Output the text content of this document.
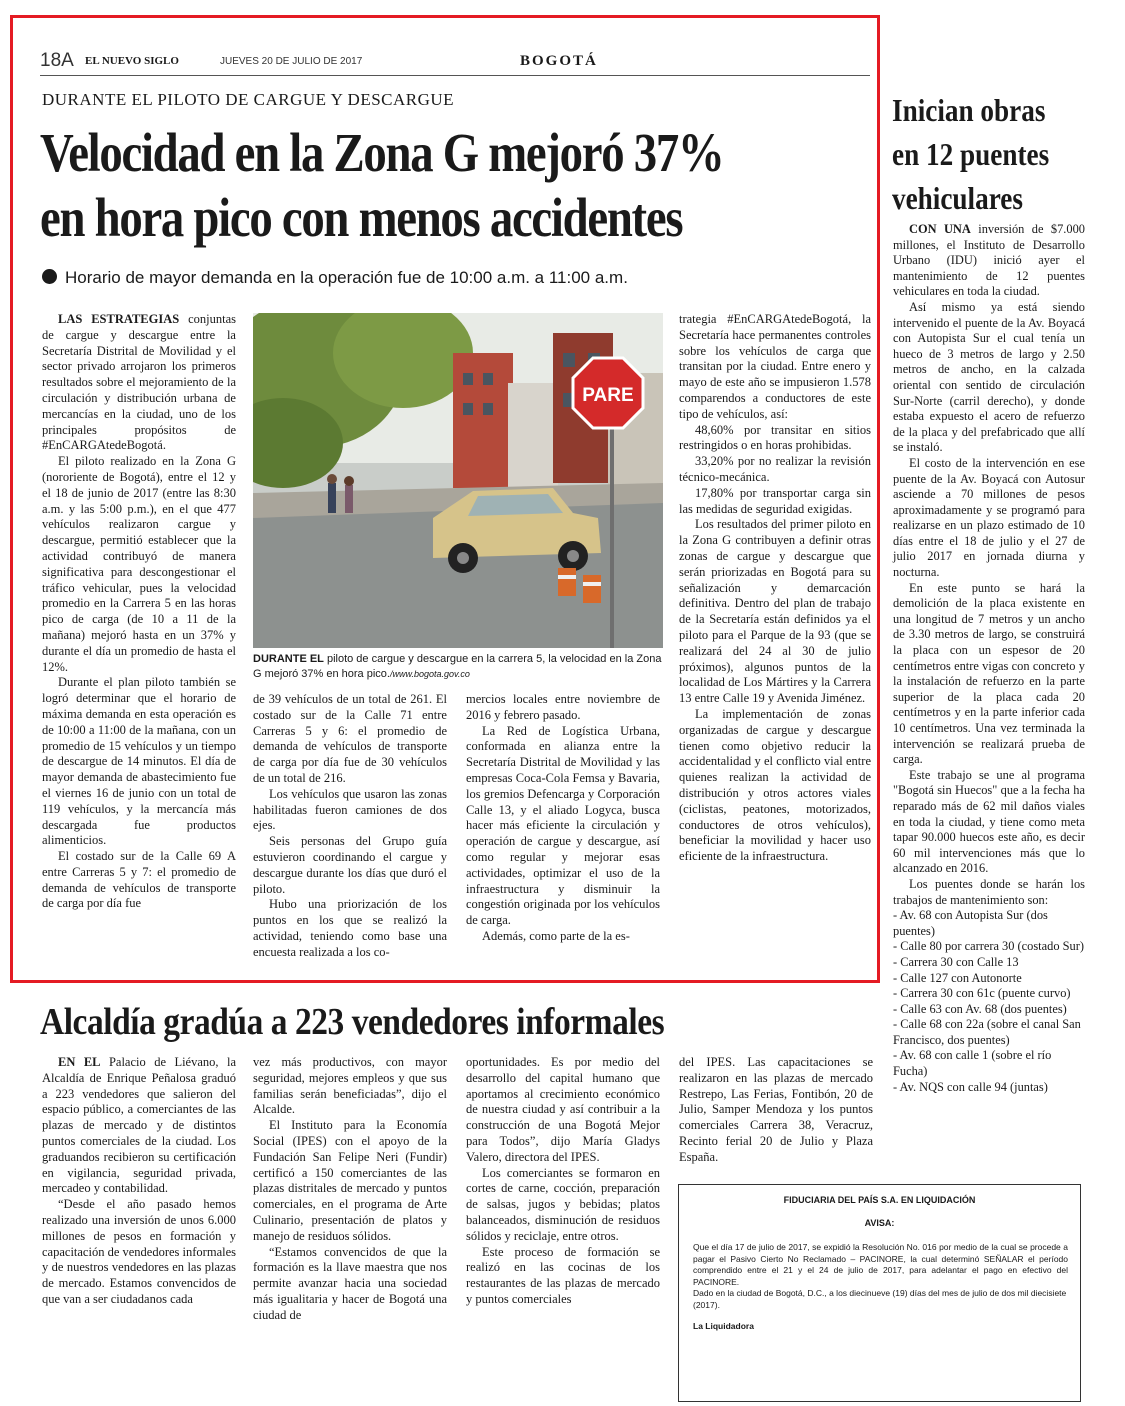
18A EL NUEVO SIGLO	JUEVES 20 DE JULIO DE 2017	BOGOTÁ
DURANTE EL PILOTO DE CARGUE Y DESCARGUE
Velocidad en la Zona G mejoró 37%
en hora pico con menos accidentes
Horario de mayor demanda en la operación fue de 10:00 a.m. a 11:00 a.m.

LAS ESTRATEGIAS conjuntas de cargue y descargue entre la Secretaría Distrital de Movilidad y el sector privado arrojaron los primeros resultados sobre el mejoramiento de la circulación y distribución urbana de mercancías en la ciudad, uno de los principales propósitos de #EnCARGAtedeBogotá.

El piloto realizado en la Zona G (nororiente de Bogotá), entre el 12 y el 18 de junio de 2017 (entre las 8:30 a.m. y las 5:00 p.m.), en el que 477 vehículos realizaron cargue y descargue, permitió establecer que la actividad contribuyó de manera significativa para descongestionar el tráfico vehicular, pues la velocidad promedio en la Carrera 5 en las horas pico de carga (de 10 a 11 de la mañana) mejoró hasta en un 37% y durante el día un promedio de hasta el 12%.

Durante el plan piloto también se logró determinar que el horario de máxima demanda en esta operación es de 10:00 a 11:00 de la mañana, con un promedio de 15 vehículos y un tiempo de descargue de 14 minutos. El día de mayor demanda de abastecimiento fue el viernes 16 de junio con un total de 119 vehículos, y la mercancía más descargada fue productos alimenticios.

El costado sur de la Calle 69 A entre Carreras 5 y 7: el promedio de demanda de vehículos de transporte de carga por día fue

PARE
DURANTE EL piloto de cargue y descargue en la carrera 5, la velocidad en la Zona G mejoró 37% en hora pico./www.bogota.gov.co

de 39 vehículos de un total de 261. El costado sur de la Calle 71 entre Carreras 5 y 6: el promedio de demanda de vehículos de transporte de carga por día fue de 30 vehículos de un total de 216.

Los vehículos que usaron las zonas habilitadas fueron camiones de dos ejes.

Seis personas del Grupo guía estuvieron coordinando el cargue y descargue durante los días que duró el piloto.

Hubo una priorización de los puntos en los que se realizó la actividad, teniendo como base una encuesta realizada a los co-

mercios locales entre noviembre de 2016 y febrero pasado.

La Red de Logística Urbana, conformada en alianza entre la Secretaría Distrital de Movilidad y las empresas Coca-Cola Femsa y Bavaria, los gremios Defencarga y Corporación Calle 13, y el aliado Logyca, busca hacer más eficiente la circulación y operación de cargue y descargue, así como regular y mejorar esas actividades, optimizar el uso de la infraestructura y disminuir la congestión originada por los vehículos de carga.

Además, como parte de la es-

trategia #EnCARGAtedeBogotá, la Secretaría hace permanentes controles sobre los vehículos de carga que transitan por la ciudad. Entre enero y mayo de este año se impusieron 1.578 comparendos a conductores de este tipo de vehículos, así:

48,60% por transitar en sitios restringidos o en horas prohibidas.

33,20% por no realizar la revisión técnico-mecánica.

17,80% por transportar carga sin las medidas de seguridad exigidas.

Los resultados del primer piloto en la Zona G contribuyen a definir otras zonas de cargue y descargue que serán priorizadas en Bogotá para su señalización y demarcación definitiva. Dentro del plan de trabajo de la Secretaría están definidos ya el piloto para el Parque de la 93 (que se realizará del 24 al 30 de julio próximos), algunos puntos de la localidad de Los Mártires y la Carrera 13 entre Calle 19 y Avenida Jiménez.

La implementación de zonas organizadas de cargue y descargue tienen como objetivo reducir la accidentalidad y el conflicto vial entre quienes realizan la actividad de distribución y otros actores viales (ciclistas, peatones, motorizados, conductores de otros vehículos), beneficiar la movilidad y hacer uso eficiente de la infraestructura.

Inician obras
en 12 puentes
vehiculares

CON UNA inversión de $7.000 millones, el Instituto de Desarrollo Urbano (IDU) inició ayer el mantenimiento de 12 puentes vehiculares en toda la ciudad.

Así mismo ya está siendo intervenido el puente de la Av. Boyacá con Autopista Sur el cual tenía un hueco de 3 metros de largo y 2.50 metros de ancho, en la calzada oriental con sentido de circulación Sur-Norte (carril derecho), y donde estaba expuesto el acero de refuerzo de la placa y del prefabricado que allí se instaló.

El costo de la intervención en ese puente de la Av. Boyacá con Autosur asciende a 70 millones de pesos aproximadamente y se programó para realizarse en un plazo estimado de 10 días entre el 18 de julio y el 27 de julio 2017 en jornada diurna y nocturna.

En este punto se hará la demolición de la placa existente en una longitud de 7 metros y un ancho de 3.30 metros de largo, se construirá la placa con un espesor de 20 centímetros entre vigas con concreto y la instalación de refuerzo en la parte superior de la placa cada 20 centímetros y en la parte inferior cada 10 centímetros. Una vez terminada la intervención se realizará prueba de carga.

Este trabajo se une al programa "Bogotá sin Huecos" que a la fecha ha reparado más de 62 mil daños viales en toda la ciudad, y tiene como meta tapar 90.000 huecos este año, es decir 60 mil intervenciones más que lo alcanzado en 2016.

Los puentes donde se harán los trabajos de mantenimiento son:

- Av. 68 con Autopista Sur (dos puentes)
- Calle 80 por carrera 30 (costado Sur)
- Carrera 30 con Calle 13
- Calle 127 con Autonorte
- Carrera 30 con 61c (puente curvo)
- Calle 63 con Av. 68 (dos puentes)
- Calle 68 con 22a (sobre el canal San Francisco, dos puentes)
- Av. 68 con calle 1 (sobre el río Fucha)
- Av. NQS con calle 94 (juntas)
Alcaldía gradúa a 223 vendedores informales

EN EL Palacio de Liévano, la Alcaldía de Enrique Peñalosa graduó a 223 vendedores que salieron del espacio público, a comerciantes de las plazas de mercado y de distintos puntos comerciales de la ciudad. Los graduandos recibieron su certificación en vigilancia, seguridad privada, mercadeo y contabilidad.

“Desde el año pasado hemos realizado una inversión de unos 6.000 millones de pesos en formación y capacitación de vendedores informales y de nuestros vendedores en las plazas de mercado. Estamos convencidos de que van a ser ciudadanos cada

vez más productivos, con mayor seguridad, mejores empleos y que sus familias serán beneficiadas”, dijo el Alcalde.

El Instituto para la Economía Social (IPES) con el apoyo de la Fundación San Felipe Neri (Fundir) certificó a 150 comerciantes de las plazas distritales de mercado y puntos comerciales, en el programa de Arte Culinario, presentación de platos y manejo de residuos sólidos.

“Estamos convencidos de que la formación es la llave maestra que nos permite avanzar hacia una sociedad más igualitaria y hacer de Bogotá una ciudad de

oportunidades. Es por medio del desarrollo del capital humano que aportamos al crecimiento económico de nuestra ciudad y así contribuir a la construcción de una Bogotá Mejor para Todos”, dijo María Gladys Valero, directora del IPES.

Los comerciantes se formaron en cortes de carne, cocción, preparación de salsas, jugos y bebidas; platos balanceados, disminución de residuos sólidos y reciclaje, entre otros.

Este proceso de formación se realizó en las cocinas de los restaurantes de las plazas de mercado y puntos comerciales

del IPES. Las capacitaciones se realizaron en las plazas de mercado Restrepo, Las Ferias, Fontibón, 20 de Julio, Samper Mendoza y los puntos comerciales Carrera 38, Veracruz, Recinto ferial 20 de Julio y Plaza España.

FIDUCIARIA DEL PAÍS S.A. EN LIQUIDACIÓN
AVISA:
Que el día 17 de julio de 2017, se expidió la Resolución No. 016 por medio de la cual se procede a pagar el Pasivo Cierto No Reclamado – PACINORE, la cual determinó SEÑALAR el período comprendido entre el 21 y el 24 de julio de 2017, para adelantar el pago en efectivo del PACINORE.
Dado en la ciudad de Bogotá, D.C., a los diecinueve (19) días del mes de julio de dos mil diecisiete (2017).
La Liquidadora
